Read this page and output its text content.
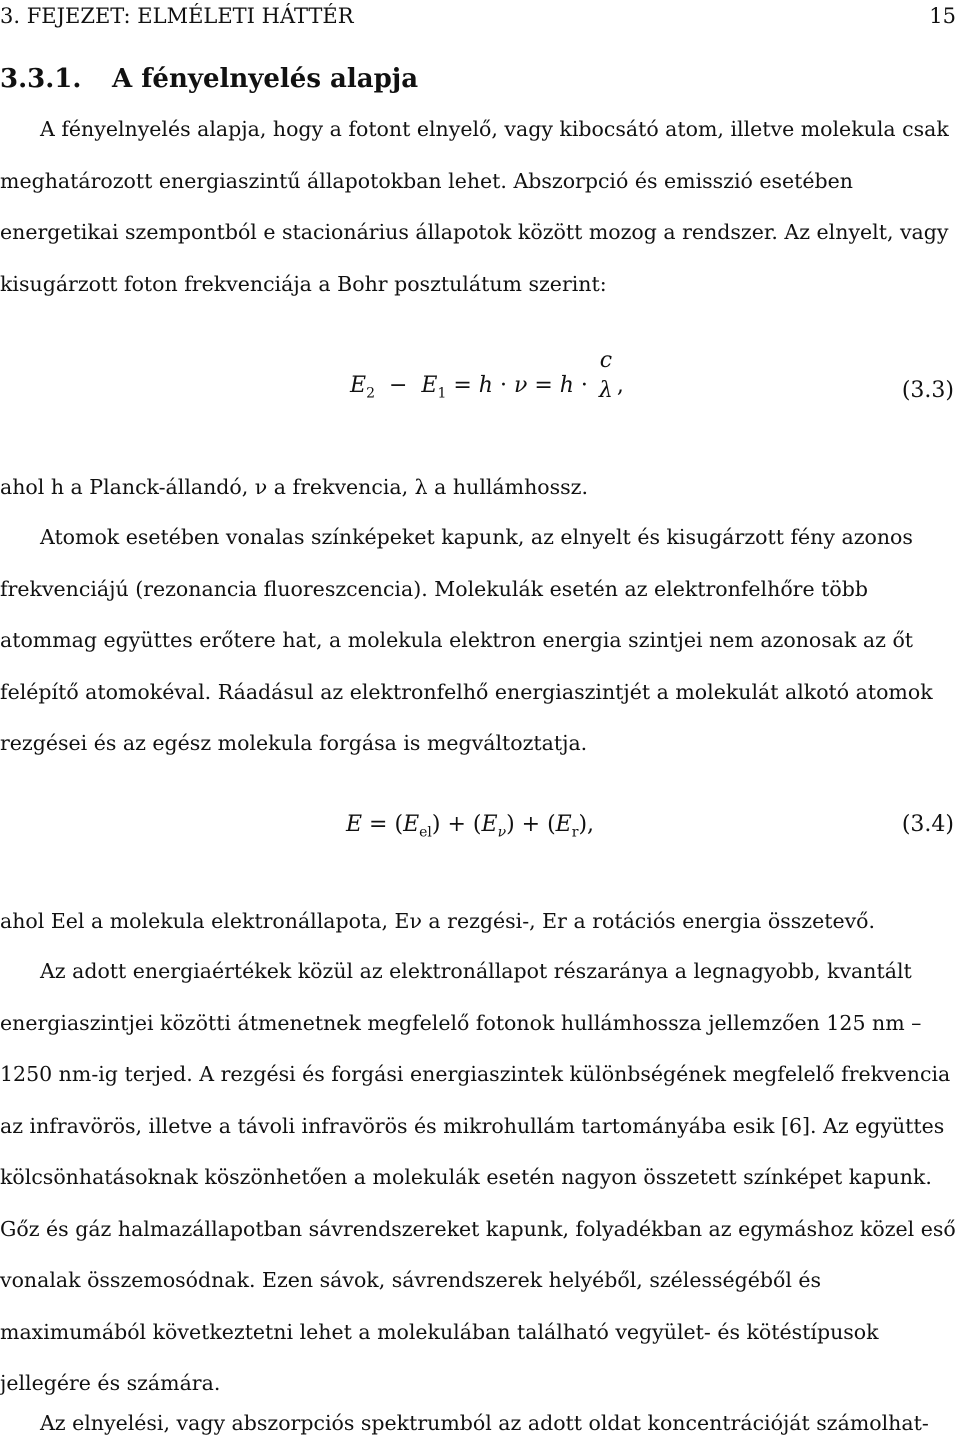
3. FEJEZET: ELMÉLETI HÁTTÉR	15
3.3.1. A fényelnyelés alapja

A fényelnyelés alapja, hogy a fotont elnyelő, vagy kibocsátó atom, illetve molekula csak meghatározott energiaszintű állapotokban lehet. Abszorpció és emisszió esetében energetikai szempontból e stacionárius állapotok között mozog a rendszer. Az elnyelt, vagy kisugárzott foton frekvenciája a Bohr posztulátum szerint:

$E_2 - E_1 = h \cdot \nu = h$ ·
c
λ ,	(3.3)

ahol h a Planck-állandó, ν a frekvencia, λ a hullámhossz.

Atomok esetében vonalas színképeket kapunk, az elnyelt és kisugárzott fény azonos frekvenciájú (rezonancia fluoreszcencia). Molekulák esetén az elektronfelhőre több atommag együttes erőtere hat, a molekula elektron energia szintjei nem azonosak az őt felépítő atomokéval. Ráadásul az elektronfelhő energiaszintjét a molekulát alkotó atomok rezgései és az egész molekula forgása is megváltoztatja.

$E = (E_{el}) + (E_\nu) + (E_r)$,	(3.4)

ahol Eel a molekula elektronállapota, Eν a rezgési-, Er a rotációs energia összetevő.

Az adott energiaértékek közül az elektronállapot részaránya a legnagyobb, kvantált energiaszintjei közötti átmenetnek megfelelő fotonok hullámhossza jellemzően 125 nm – 1250 nm-ig terjed. A rezgési és forgási energiaszintek különbségének megfelelő frekvencia az infravörös, illetve a távoli infravörös és mikrohullám tartományába esik [6]. Az együttes kölcsönhatásoknak köszönhetően a molekulák esetén nagyon összetett színképet kapunk. Gőz és gáz halmazállapotban sávrendszereket kapunk, folyadékban az egymáshoz közel eső vonalak összemosódnak. Ezen sávok, sávrendszerek helyéből, szélességéből és maximumából következtetni lehet a molekulában található vegyület- és kötéstípusok jellegére és számára.

Az elnyelési, vagy abszorpciós spektrumból az adott oldat koncentrációját számolhat-
